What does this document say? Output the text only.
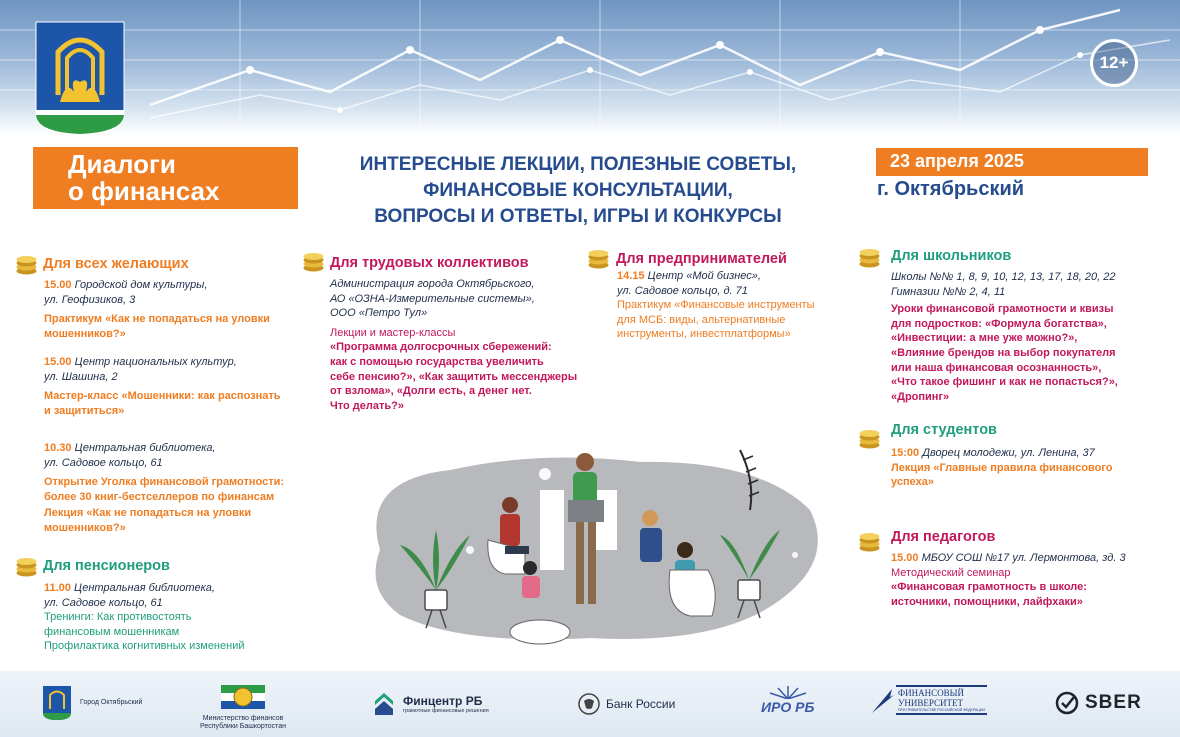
12+
Диалоги
о финансах
ИНТЕРЕСНЫЕ ЛЕКЦИИ, ПОЛЕЗНЫЕ СОВЕТЫ,
ФИНАНСОВЫЕ КОНСУЛЬТАЦИИ,
ВОПРОСЫ И ОТВЕТЫ, ИГРЫ И КОНКУРСЫ
23 апреля 2025
г. Октябрьский
Для всех желающих

15.00 Городской дом культуры,

ул. Геофизиков, 3

Практикум «Как не попадаться на уловки

мошенников?»

15.00 Центр национальных культур,

ул. Шашина, 2

Мастер-класс «Мошенники: как распознать

и защититься»

10.30 Центральная библиотека,

ул. Садовое кольцо, 61

Открытие Уголка финансовой грамотности:

более 30 книг-бестселлеров по финансам

Лекция «Как не попадаться на уловки

мошенников?»

Для пенсионеров

11.00 Центральная библиотека,

ул. Садовое кольцо, 61

Тренинги: Как противостоять

финансовым мошенникам

Профилактика когнитивных изменений

Для трудовых коллективов

Администрация города Октябрьского,

АО «ОЗНА-Измерительные системы»,

ООО «Петро Тул»

Лекции и мастер-классы

«Программа долгосрочных сбережений:

как с помощью государства увеличить

себе пенсию?», «Как защитить мессенджеры

от взлома», «Долги есть, а денег нет.

Что делать?»

Для предпринимателей

14.15 Центр «Мой бизнес»,

ул. Садовое кольцо, д. 71

Практикум «Финансовые инструменты

для МСБ: виды, альтернативные

инструменты, инвестплатформы»

Для школьников

Школы №№ 1, 8, 9, 10, 12, 13, 17, 18, 20, 22

Гимназии №№ 2, 4, 11

Уроки финансовой грамотности и квизы

для подростков: «Формула богатства»,

«Инвестиции: а мне уже можно?»,

«Влияние брендов на выбор покупателя

или наша финансовая осознанность»,

«Что такое фишинг и как не попасться?»,

«Дропинг»

Для студентов

15:00 Дворец молодежи, ул. Ленина, 37

Лекция «Главные правила финансового

успеха»

Для педагогов

15.00 МБОУ СОШ №17 ул. Лермонтова, зд. 3

Методический семинар

«Финансовая грамотность в школе:

источники, помощники, лайфхаки»

Город Октябрьский
Министерство финансов
Республики Башкортостан
Финцентр РБ
грамотные финансовые решения	Банк России	ИРО РБ
ФИНАНСОВЫЙ
УНИВЕРСИТЕТ
ПРИ ПРАВИТЕЛЬСТВЕ РОССИЙСКОЙ ФЕДЕРАЦИИ	SBER
